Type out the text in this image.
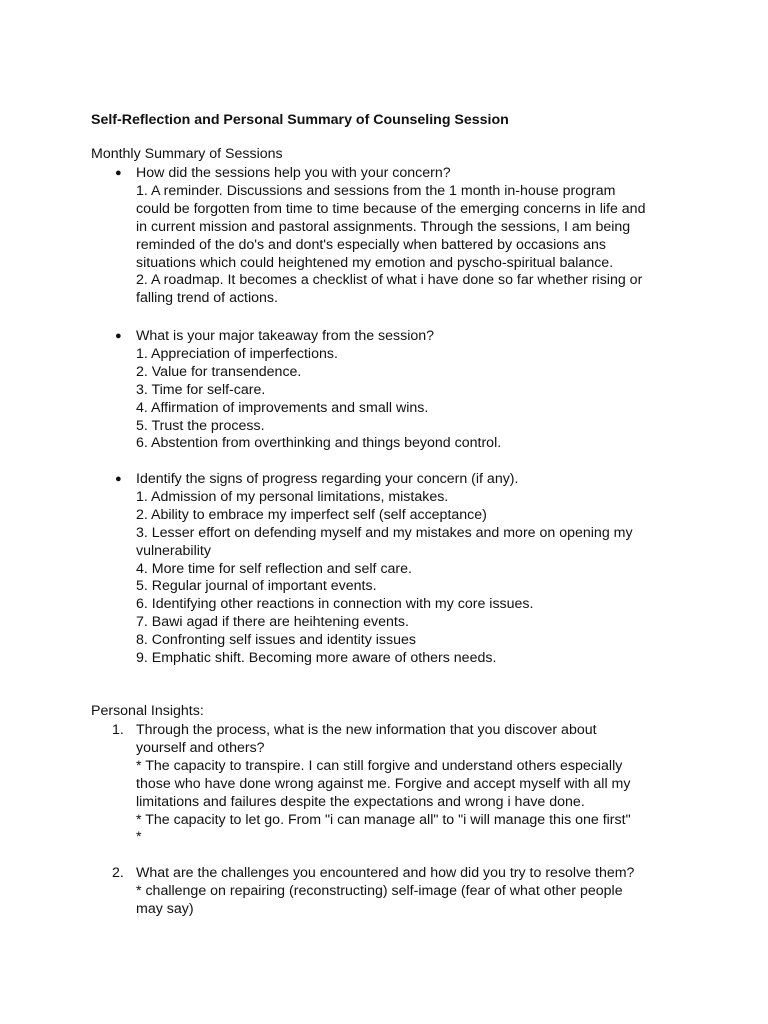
Self-Reflection and Personal Summary of Counseling Session

Monthly Summary of Sessions

● How did the sessions help you with your concern?
1. A reminder. Discussions and sessions from the 1 month in-house program
could be forgotten from time to time because of the emerging concerns in life and
in current mission and pastoral assignments. Through the sessions, I am being
reminded of the do's and dont's especially when battered by occasions ans
situations which could heightened my emotion and pyscho-spiritual balance.
2. A roadmap. It becomes a checklist of what i have done so far whether rising or
falling trend of actions.
● What is your major takeaway from the session?
1. Appreciation of imperfections.
2. Value for transendence.
3. Time for self-care.
4. Affirmation of improvements and small wins.
5. Trust the process.
6. Abstention from overthinking and things beyond control.
● Identify the signs of progress regarding your concern (if any).
1. Admission of my personal limitations, mistakes.
2. Ability to embrace my imperfect self (self acceptance)
3. Lesser effort on defending myself and my mistakes and more on opening my
vulnerability
4. More time for self reflection and self care.
5. Regular journal of important events.
6. Identifying other reactions in connection with my core issues.
7. Bawi agad if there are heihtening events.
8. Confronting self issues and identity issues
9. Emphatic shift. Becoming more aware of others needs.

Personal Insights:

1. Through the process, what is the new information that you discover about
yourself and others?
* The capacity to transpire. I can still forgive and understand others especially
those who have done wrong against me. Forgive and accept myself with all my
limitations and failures despite the expectations and wrong i have done.
* The capacity to let go. From "i can manage all" to "i will manage this one first"
*
2. What are the challenges you encountered and how did you try to resolve them?
* challenge on repairing (reconstructing) self-image (fear of what other people
may say)
